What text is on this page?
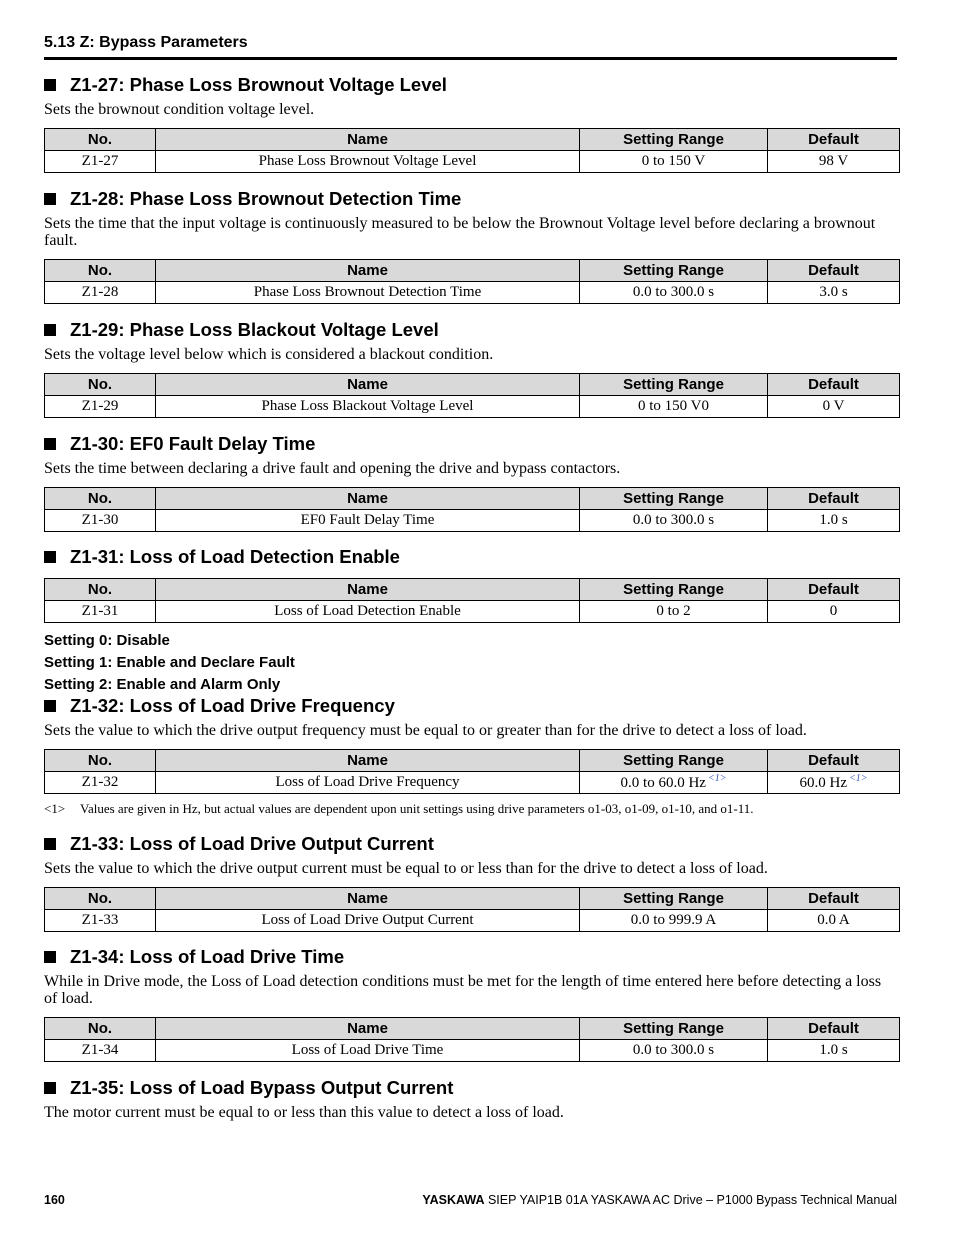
5.13 Z: Bypass Parameters
Z1-27: Phase Loss Brownout Voltage Level
Sets the brownout condition voltage level.
No.	Name	Setting Range	Default
Z1-27	Phase Loss Brownout Voltage Level	0 to 150 V	98 V
Z1-28: Phase Loss Brownout Detection Time
Sets the time that the input voltage is continuously measured to be below the Brownout Voltage level before declaring a brownout fault.
No.	Name	Setting Range	Default
Z1-28	Phase Loss Brownout Detection Time	0.0 to 300.0 s	3.0 s
Z1-29: Phase Loss Blackout Voltage Level
Sets the voltage level below which is considered a blackout condition.
No.	Name	Setting Range	Default
Z1-29	Phase Loss Blackout Voltage Level	0 to 150 V0	0 V
Z1-30: EF0 Fault Delay Time
Sets the time between declaring a drive fault and opening the drive and bypass contactors.
No.	Name	Setting Range	Default
Z1-30	EF0 Fault Delay Time	0.0 to 300.0 s	1.0 s
Z1-31: Loss of Load Detection Enable
No.	Name	Setting Range	Default
Z1-31	Loss of Load Detection Enable	0 to 2	0
Setting 0: Disable
Setting 1: Enable and Declare Fault
Setting 2: Enable and Alarm Only
Z1-32: Loss of Load Drive Frequency
Sets the value to which the drive output frequency must be equal to or greater than for the drive to detect a loss of load.
No.	Name	Setting Range	Default
Z1-32	Loss of Load Drive Frequency	0.0 to 60.0 Hz $^{<1>}$	60.0 Hz $^{<1>}$
<1> Values are given in Hz, but actual values are dependent upon unit settings using drive parameters o1-03, o1-09, o1-10, and o1-11.
Z1-33: Loss of Load Drive Output Current
Sets the value to which the drive output current must be equal to or less than for the drive to detect a loss of load.
No.	Name	Setting Range	Default
Z1-33	Loss of Load Drive Output Current	0.0 to 999.9 A	0.0 A
Z1-34: Loss of Load Drive Time
While in Drive mode, the Loss of Load detection conditions must be met for the length of time entered here before detecting a loss of load.
No.	Name	Setting Range	Default
Z1-34	Loss of Load Drive Time	0.0 to 300.0 s	1.0 s
Z1-35: Loss of Load Bypass Output Current
The motor current must be equal to or less than this value to detect a loss of load.
160	YASKAWA SIEP YAIP1B 01A YASKAWA AC Drive – P1000 Bypass Technical Manual
